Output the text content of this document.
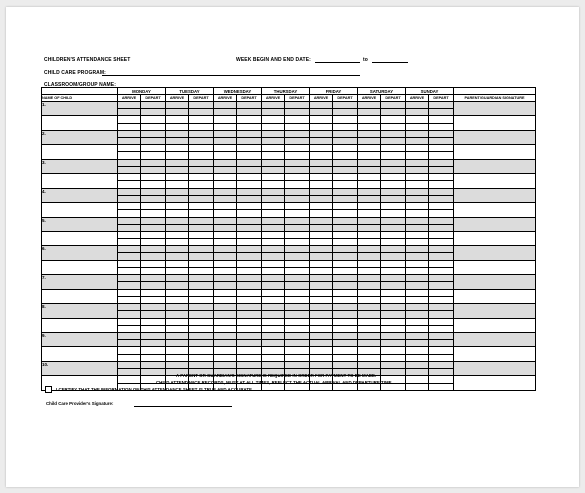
CHILDREN'S ATTENDANCE SHEET	WEEK BEGIN AND END DATE:	to
CHILD CARE PROGRAM:
CLASSROOM/GROUP NAME:
	MONDAY		TUESDAY		WEDNESDAY		THURSDAY		FRIDAY		SATURDAY		SUNDAY		
NAME OF CHILD	ARRIVE	DEPART	ARRIVE	DEPART	ARRIVE	DEPART	ARRIVE	DEPART	ARRIVE	DEPART	ARRIVE	DEPART	ARRIVE	DEPART	PARENT/GUARDIAN SIGNATURE
1.															

2.															

3.															

4.															

5.															

6.															

7.															

8.															

9.															

10.															

A PARENT OR GUARDIAN'S SIGNATURE IS REQUIRED IN ORDER FOR PAYMENT TO BE MADE.
CHILD ATTENDANCE RECORDS, MUST AT ALL TIMES, REFLECT THE ACTUAL ARRIVAL AND DEPARTURE TIME.
I CERTIFY THAT THE INFORMATION ON THIS ATTENDANCE SHEET IS TRUE AND ACCURATE.
Child Care Provider's Signature:
